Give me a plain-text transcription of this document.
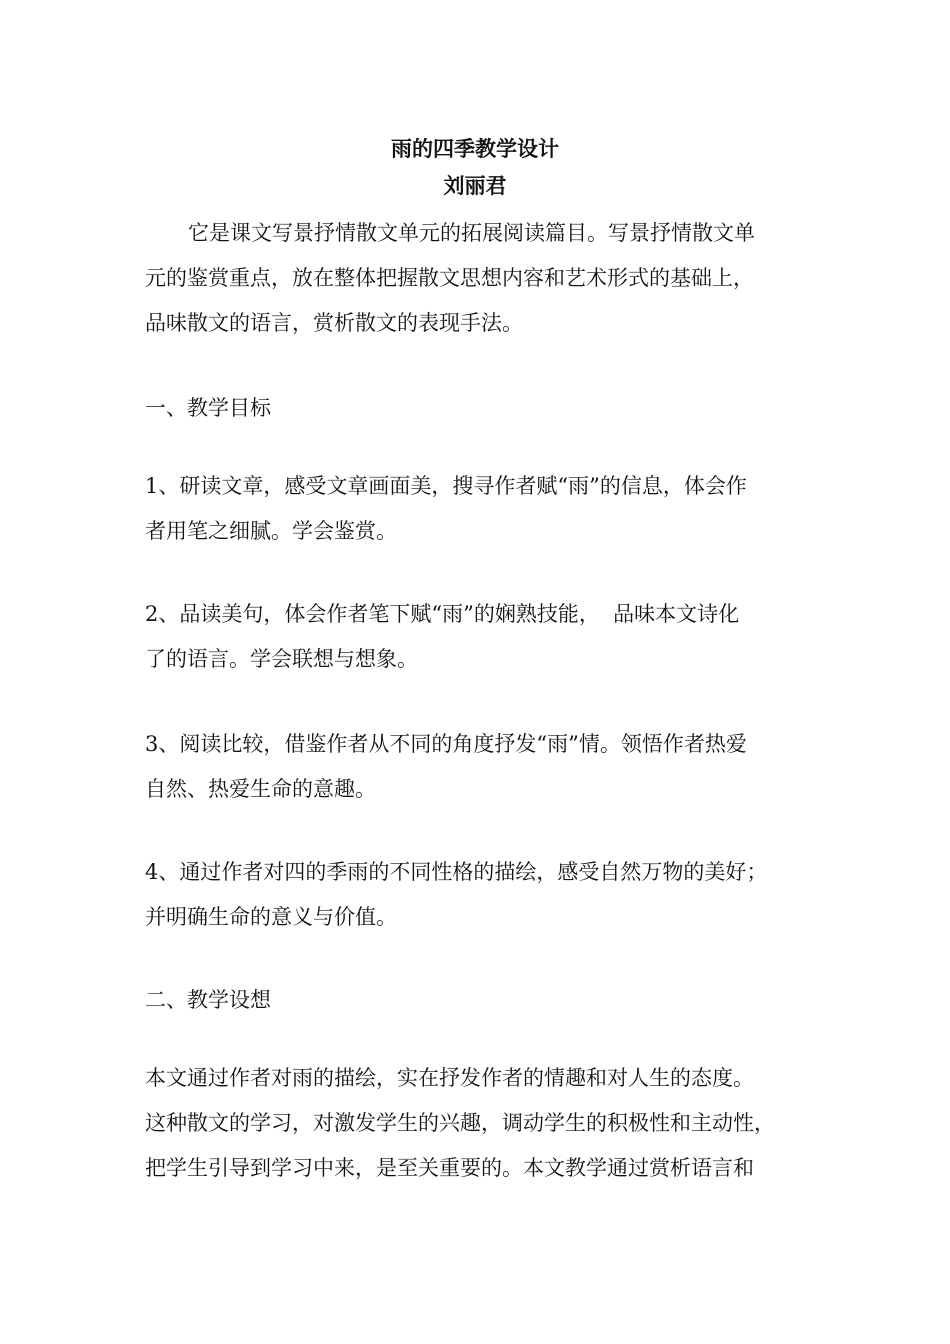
雨的四季教学设计
刘丽君

它是课文写景抒情散文单元的拓展阅读篇目。写景抒情散文单
元的鉴赏重点，放在整体把握散文思想内容和艺术形式的基础上，
品味散文的语言，赏析散文的表现手法。

一、教学目标

1、研读文章，感受文章画面美，搜寻作者赋“雨”的信息，体会作
者用笔之细腻。学会鉴赏。

2、品读美句，体会作者笔下赋“雨”的娴熟技能，  品味本文诗化
了的语言。学会联想与想象。

3、阅读比较，借鉴作者从不同的角度抒发“雨”情。领悟作者热爱
自然、热爱生命的意趣。

4、通过作者对四的季雨的不同性格的描绘，感受自然万物的美好；
并明确生命的意义与价值。

二、教学设想

本文通过作者对雨的描绘，实在抒发作者的情趣和对人生的态度。
这种散文的学习，对激发学生的兴趣，调动学生的积极性和主动性，
把学生引导到学习中来，是至关重要的。本文教学通过赏析语言和
